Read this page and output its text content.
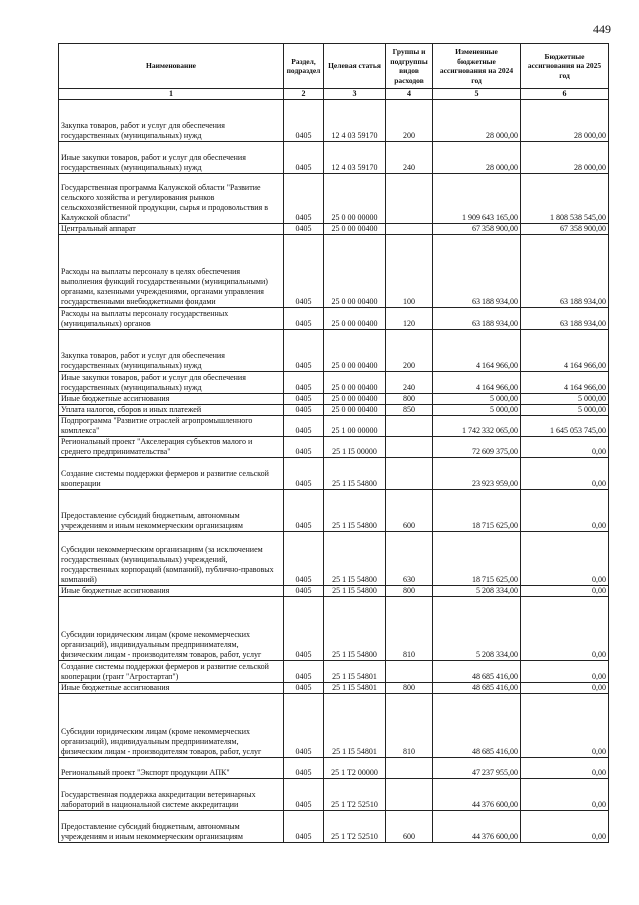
449
Наименование	Раздел, подраздел	Целевая статья	Группы и подгруппы видов расходов	Измененные бюджетные ассигнования на 2024 год	Бюджетные ассигнования на 2025 год
1	2	3	4	5	6
Закупка товаров, работ и услуг для обеспечения государственных (муниципальных) нужд	0405	12 4 03 59170	200	28 000,00	28 000,00
Иные закупки товаров, работ и услуг для обеспечения государственных (муниципальных) нужд	0405	12 4 03 59170	240	28 000,00	28 000,00
Государственная программа Калужской области "Развитие сельского хозяйства и регулирования рынков сельскохозяйственной продукции, сырья и продовольствия в Калужской области"	0405	25 0 00 00000		1 909 643 165,00	1 808 538 545,00
Центральный аппарат	0405	25 0 00 00400		67 358 900,00	67 358 900,00
Расходы на выплаты персоналу в целях обеспечения выполнения функций государственными (муниципальными) органами, казенными учреждениями, органами управления государственными внебюджетными фондами	0405	25 0 00 00400	100	63 188 934,00	63 188 934,00
Расходы на выплаты персоналу государственных (муниципальных) органов	0405	25 0 00 00400	120	63 188 934,00	63 188 934,00
Закупка товаров, работ и услуг для обеспечения государственных (муниципальных) нужд	0405	25 0 00 00400	200	4 164 966,00	4 164 966,00
Иные закупки товаров, работ и услуг для обеспечения государственных (муниципальных) нужд	0405	25 0 00 00400	240	4 164 966,00	4 164 966,00
Иные бюджетные ассигнования	0405	25 0 00 00400	800	5 000,00	5 000,00
Уплата налогов, сборов и иных платежей	0405	25 0 00 00400	850	5 000,00	5 000,00
Подпрограмма "Развитие отраслей агропромышленного комплекса"	0405	25 1 00 00000		1 742 332 065,00	1 645 053 745,00
Региональный проект "Акселерация субъектов малого и среднего предпринимательства"	0405	25 1 I5 00000		72 609 375,00	0,00
Создание системы поддержки фермеров и развитие сельской кооперации	0405	25 1 I5 54800		23 923 959,00	0,00
Предоставление субсидий бюджетным, автономным учреждениям и иным некоммерческим организациям	0405	25 1 I5 54800	600	18 715 625,00	0,00
Субсидии некоммерческим организациям (за исключением государственных (муниципальных) учреждений, государственных корпораций (компаний), публично-правовых компаний)	0405	25 1 I5 54800	630	18 715 625,00	0,00
Иные бюджетные ассигнования	0405	25 1 I5 54800	800	5 208 334,00	0,00
Субсидии юридическим лицам (кроме некоммерческих организаций), индивидуальным предпринимателям, физическим лицам - производителям товаров, работ, услуг	0405	25 1 I5 54800	810	5 208 334,00	0,00
Создание системы поддержки фермеров и развитие сельской кооперации (грант "Агростартап")	0405	25 1 I5 54801		48 685 416,00	0,00
Иные бюджетные ассигнования	0405	25 1 I5 54801	800	48 685 416,00	0,00
Субсидии юридическим лицам (кроме некоммерческих организаций), индивидуальным предпринимателям, физическим лицам - производителям товаров, работ, услуг	0405	25 1 I5 54801	810	48 685 416,00	0,00
Региональный проект "Экспорт продукции АПК"	0405	25 1 T2 00000		47 237 955,00	0,00
Государственная поддержка аккредитации ветеринарных лабораторий в национальной системе аккредитации	0405	25 1 T2 52510		44 376 600,00	0,00
Предоставление субсидий бюджетным, автономным учреждениям и иным некоммерческим организациям	0405	25 1 T2 52510	600	44 376 600,00	0,00
